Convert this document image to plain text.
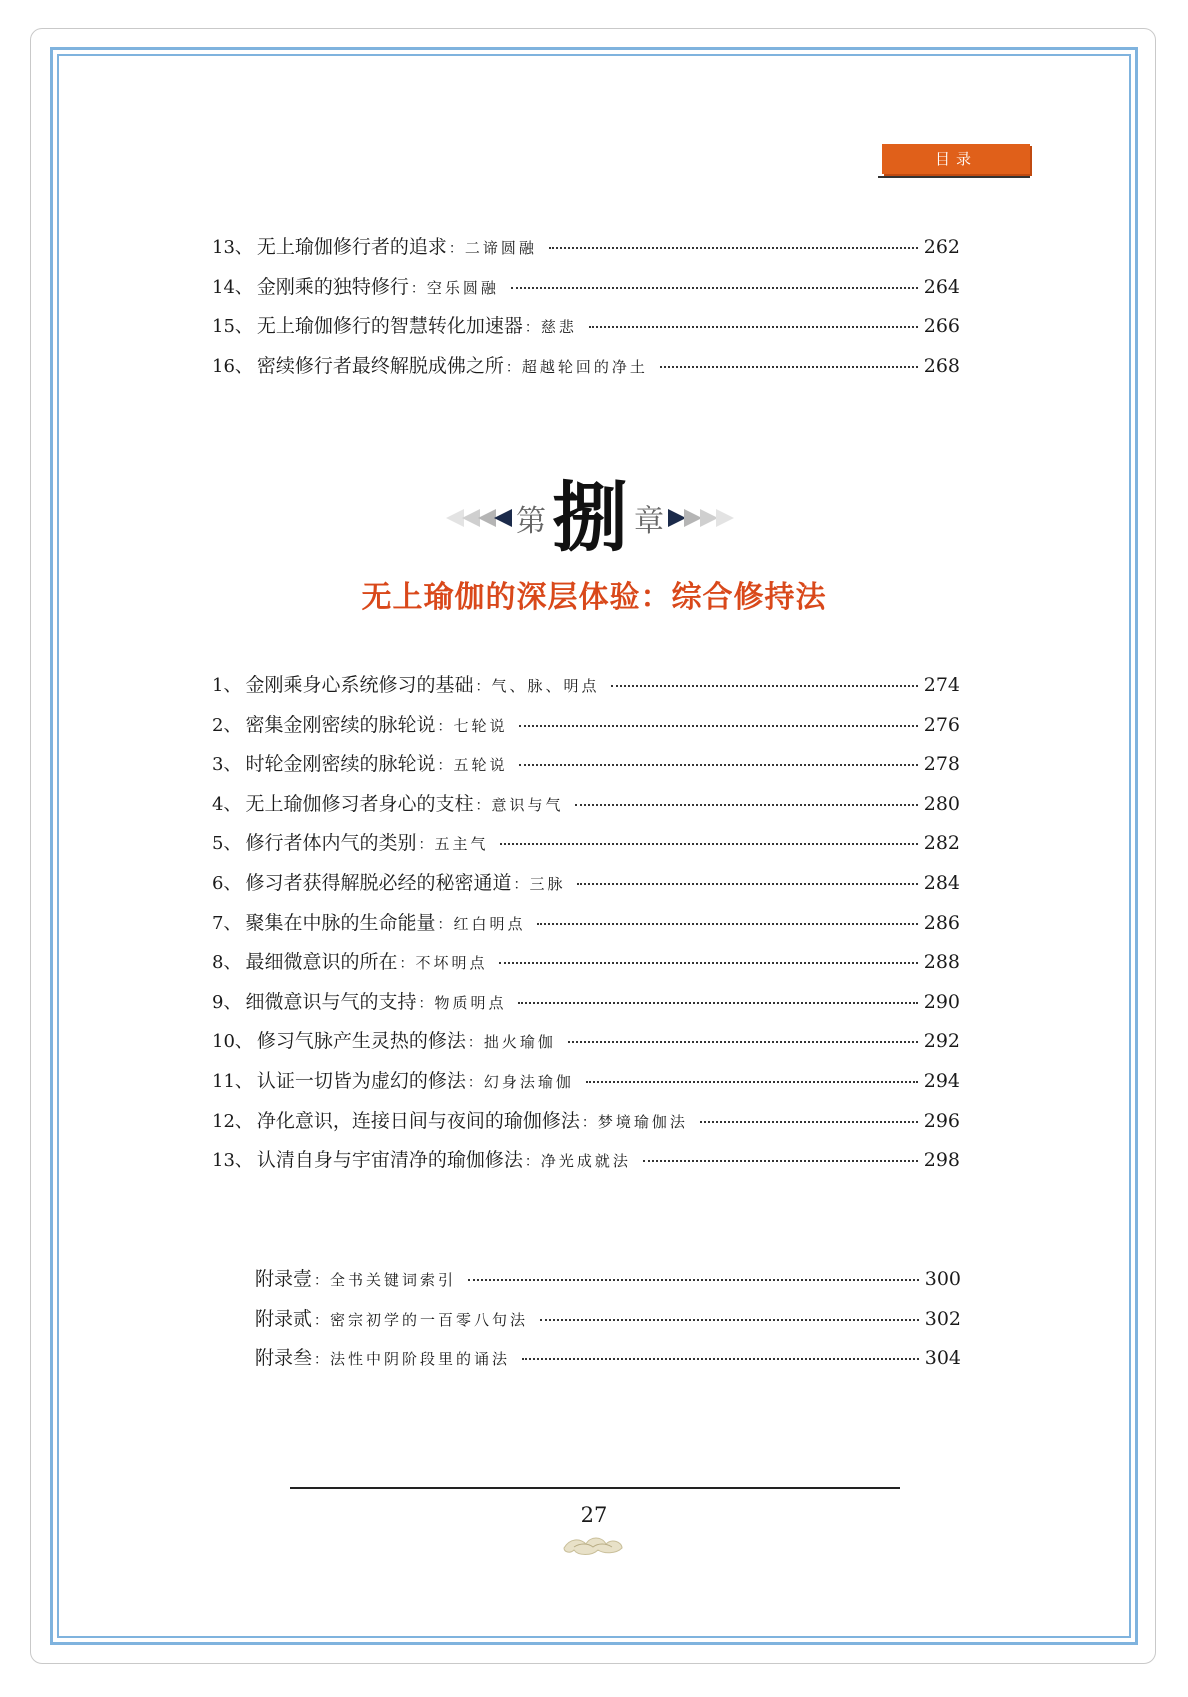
目录
13、 无上瑜伽修行者的追求 ： 二谛圆融	262
14、 金刚乘的独特修行 ： 空乐圆融	264
15、 无上瑜伽修行的智慧转化加速器 ： 慈悲	266
16、 密续修行者最终解脱成佛之所 ： 超越轮回的净土	268
第 捌 章
无上瑜伽的深层体验：综合修持法
1、 金刚乘身心系统修习的基础 ： 气、脉、明点	274
2、 密集金刚密续的脉轮说 ： 七轮说	276
3、 时轮金刚密续的脉轮说 ： 五轮说	278
4、 无上瑜伽修习者身心的支柱 ： 意识与气	280
5、 修行者体内气的类别 ： 五主气	282
6、 修习者获得解脱必经的秘密通道 ： 三脉	284
7、 聚集在中脉的生命能量 ： 红白明点	286
8、 最细微意识的所在 ： 不坏明点	288
9、 细微意识与气的支持 ： 物质明点	290
10、 修习气脉产生灵热的修法 ： 拙火瑜伽	292
11、 认证一切皆为虚幻的修法 ： 幻身法瑜伽	294
12、 净化意识，连接日间与夜间的瑜伽修法 ： 梦境瑜伽法	296
13、 认清自身与宇宙清净的瑜伽修法 ： 净光成就法	298
附录壹 ： 全书关键词索引	300
附录贰 ： 密宗初学的一百零八句法	302
附录叁 ： 法性中阴阶段里的诵法	304
27
